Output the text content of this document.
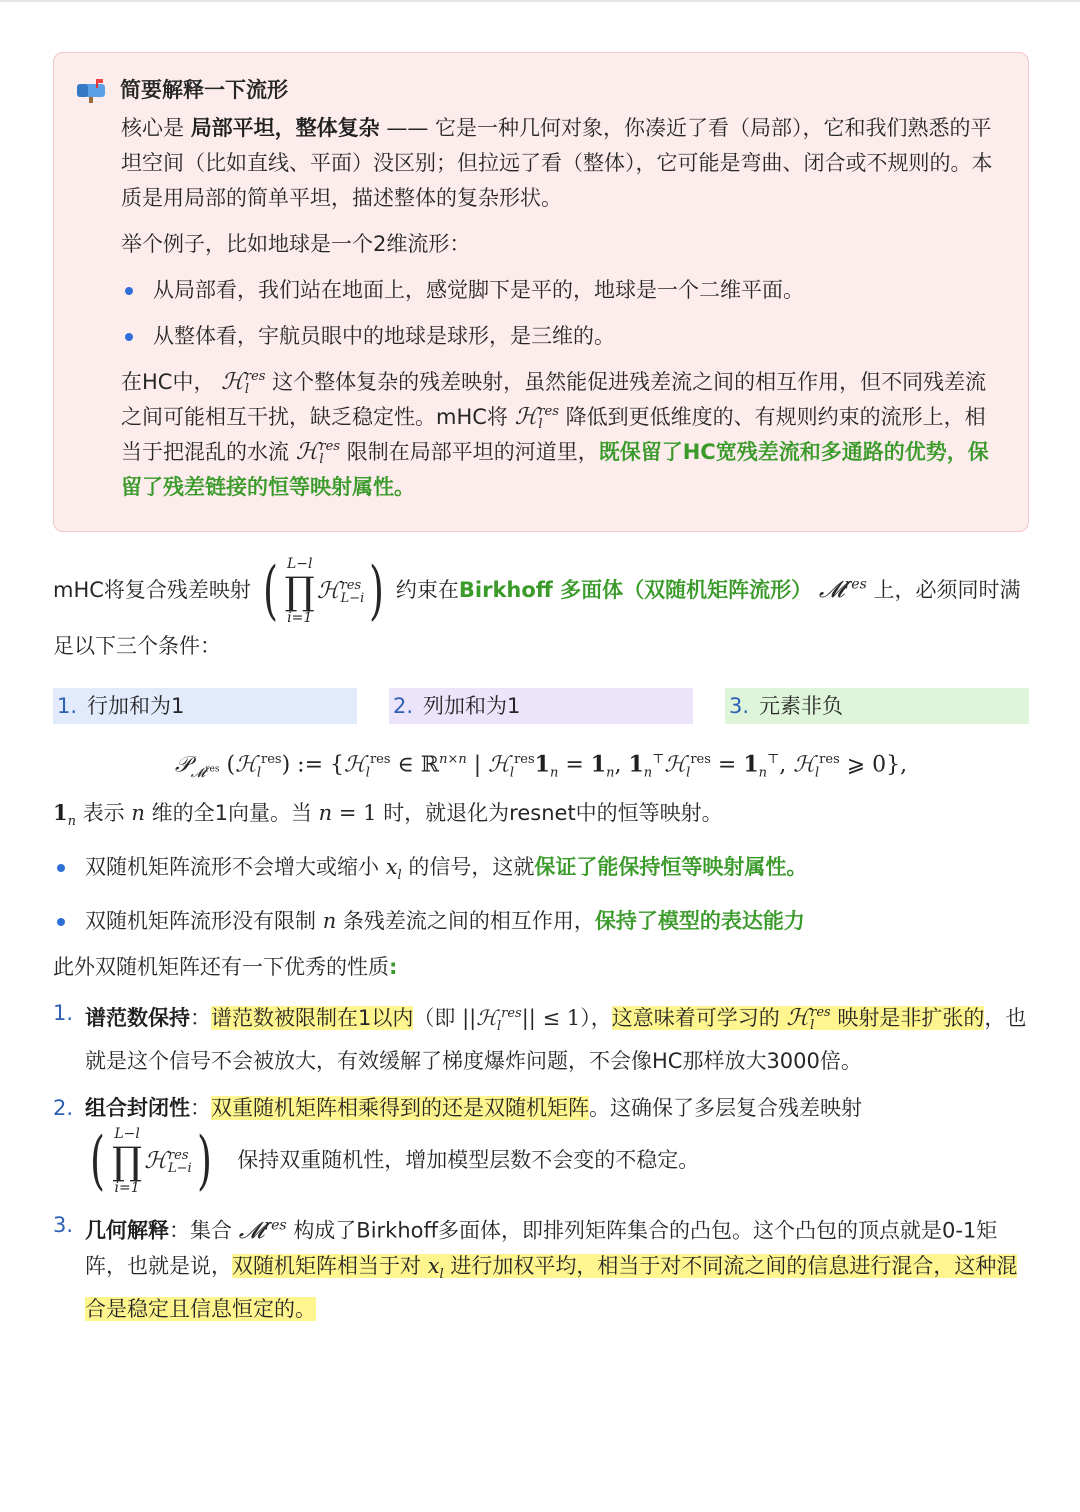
简要解释一下流形

核心是 局部平坦，整体复杂 —— 它是一种几何对象，你凑近了看（局部），它和我们熟悉的平坦空间（比如直线、平面）没区别；但拉远了看（整体），它可能是弯曲、闭合或不规则的。本质是用局部的简单平坦，描述整体的复杂形状。

举个例子，比如地球是一个2维流形：

从局部看，我们站在地面上，感觉脚下是平的，地球是一个二维平面。
从整体看，宇航员眼中的地球是球形，是三维的。

在HC中， ℋ res
l	这个整体复杂的残差映射，虽然能促进残差流之间的相互作用，但不同残差流之间可能相互干扰，缺乏稳定性。mHC将 ℋ res
l	降低到更低维度的、有规则约束的流形上，相当于把混乱的水流 ℋ res
l	限制在局部平坦的河道里，既保留了HC宽残差流和多通路的优势，保留了残差链接的恒等映射属性。

mHC将复合残差映射 ( L−l
∏
i=1
ℋ res
L−i ) 约束在Birkhoff 多面体（双随机矩阵流形） 𝓜$^{res}$ 上，必须同时满足以下三个条件：

1. 行加和为1	2. 列加和为1	3. 元素非负
𝒫$_{𝓜^{res}}$ (ℋ$_l^{res}$) := {ℋ$_l^{res}$ ∈ ℝ$^{n\times n}$ | $ℋ_l^{res}1_n = 1_n$, $1_n^⊤ℋ_l^{res} = 1_n^⊤$, ℋ$_l^{res}$ ⩾ 0},

$1_n$ 表示 n 维的全1向量。当 n = 1 时，就退化为resnet中的恒等映射。

双随机矩阵流形不会增大或缩小 $x_l$ 的信号，这就保证了能保持恒等映射属性。
双随机矩阵流形没有限制 n 条残差流之间的相互作用，保持了模型的表达能力

此外双随机矩阵还有一下优秀的性质:

1. 谱范数保持：谱范数被限制在1以内（即 ||ℋ$_l^{res}$|| ≤ 1），这意味着可学习的 ℋ res
l	映射是非扩张的，也就是这个信号不会被放大，有效缓解了梯度爆炸问题，不会像HC那样放大3000倍。
2. 组合封闭性：双重随机矩阵相乘得到的还是双随机矩阵。这确保了多层复合残差映射

( L−l
∏
i=1
ℋ res
L−i ) 保持双重随机性，增加模型层数不会变的不稳定。
3. 几何解释：集合 𝓜$^{res}$ 构成了Birkhoff多面体，即排列矩阵集合的凸包。这个凸包的顶点就是0-1矩阵，也就是说，双随机矩阵相当于对 $x_l$ 进行加权平均，相当于对不同流之间的信息进行混合，这种混合是稳定且信息恒定的。
